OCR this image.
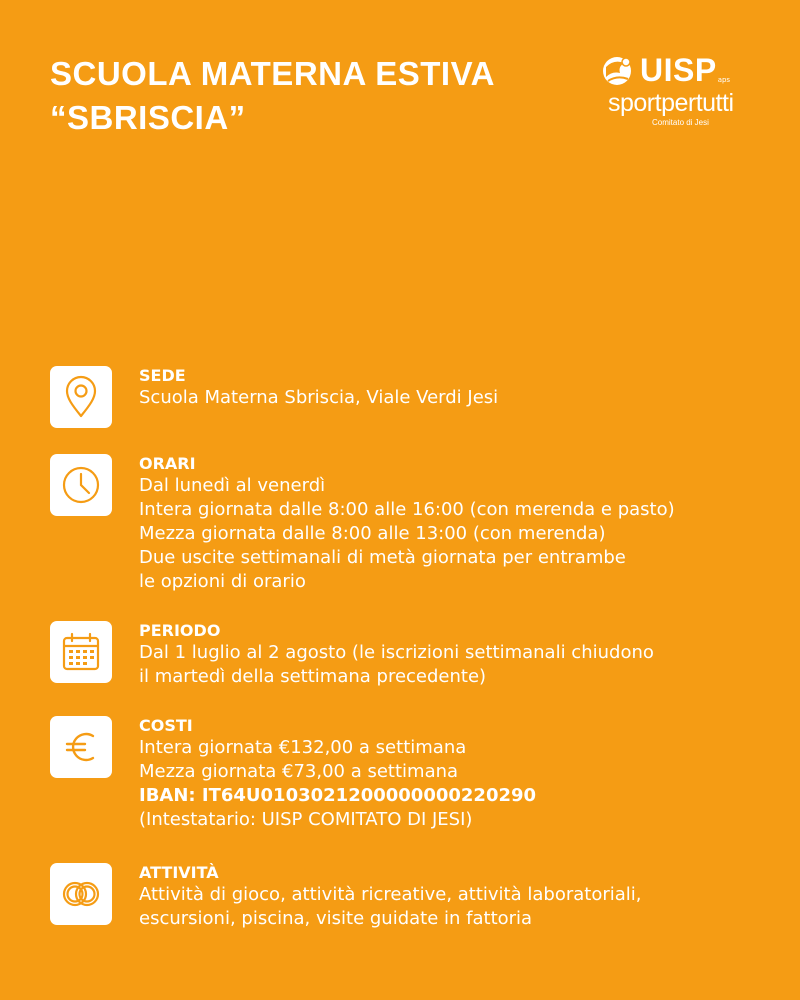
SCUOLA MATERNA ESTIVA
“SBRISCIA”
UISP aps
sportpertutti
Comitato di Jesi
SEDE
Scuola Materna Sbriscia, Viale Verdi Jesi
ORARI
Dal lunedì al venerdì
Intera giornata dalle 8:00 alle 16:00 (con merenda e pasto)
Mezza giornata dalle 8:00 alle 13:00 (con merenda)
Due uscite settimanali di metà giornata per entrambe
le opzioni di orario
PERIODO
Dal 1 luglio al 2 agosto (le iscrizioni settimanali chiudono
il martedì della settimana precedente)
COSTI
Intera giornata €132,00 a settimana
Mezza giornata €73,00 a settimana
IBAN: IT64U0103021200000000220290
(Intestatario: UISP COMITATO DI JESI)
ATTIVITÀ
Attività di gioco, attività ricreative, attività laboratoriali,
escursioni, piscina, visite guidate in fattoria
